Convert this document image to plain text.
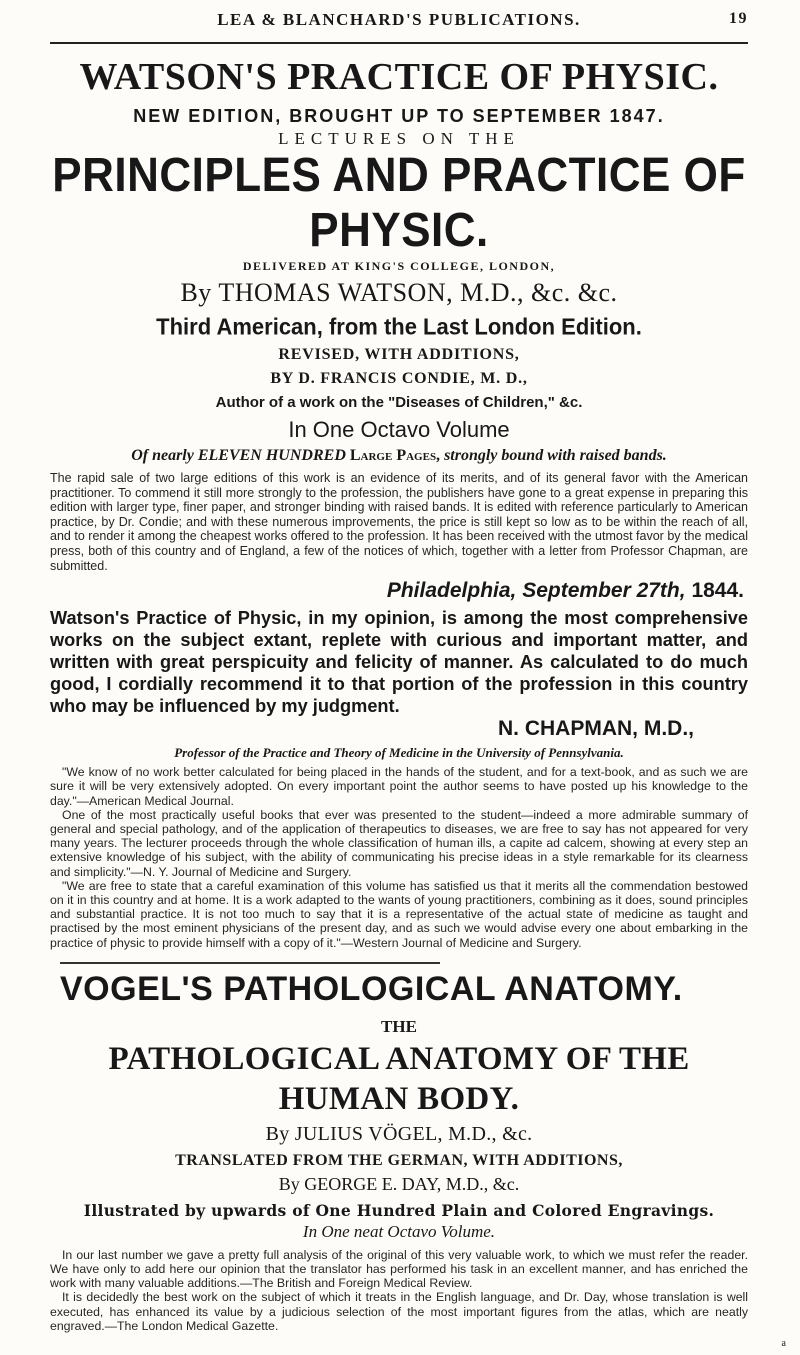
LEA & BLANCHARD'S PUBLICATIONS.	19
WATSON'S PRACTICE OF PHYSIC.
NEW EDITION, BROUGHT UP TO SEPTEMBER 1847.
LECTURES ON THE
PRINCIPLES AND PRACTICE OF PHYSIC.
DELIVERED AT KING'S COLLEGE, LONDON,
By THOMAS WATSON, M.D., &c. &c.
Third American, from the Last London Edition.
REVISED, WITH ADDITIONS,
BY D. FRANCIS CONDIE, M. D.,
Author of a work on the "Diseases of Children," &c.
In One Octavo Volume
Of nearly ELEVEN HUNDRED Large Pages, strongly bound with raised bands.

The rapid sale of two large editions of this work is an evidence of its merits, and of its general favor with the American practitioner. To commend it still more strongly to the profession, the publishers have gone to a great expense in preparing this edition with larger type, finer paper, and stronger binding with raised bands. It is edited with reference particularly to American practice, by Dr. Condie; and with these numerous improvements, the price is still kept so low as to be within the reach of all, and to render it among the cheapest works offered to the profession. It has been received with the utmost favor by the medical press, both of this country and of England, a few of the notices of which, together with a letter from Professor Chapman, are submitted.

Philadelphia, September 27th, 1844.

Watson's Practice of Physic, in my opinion, is among the most comprehensive works on the subject extant, replete with curious and important matter, and written with great perspicuity and felicity of manner. As calculated to do much good, I cordially recommend it to that portion of the profession in this country who may be influenced by my judgment.

N. CHAPMAN, M.D.,
Professor of the Practice and Theory of Medicine in the University of Pennsylvania.

"We know of no work better calculated for being placed in the hands of the student, and for a text-book, and as such we are sure it will be very extensively adopted. On every important point the author seems to have posted up his knowledge to the day."—American Medical Journal.

One of the most practically useful books that ever was presented to the student—indeed a more admirable summary of general and special pathology, and of the application of therapeutics to diseases, we are free to say has not appeared for very many years. The lecturer proceeds through the whole classification of human ills, a capite ad calcem, showing at every step an extensive knowledge of his subject, with the ability of communicating his precise ideas in a style remarkable for its clearness and simplicity."—N. Y. Journal of Medicine and Surgery.

"We are free to state that a careful examination of this volume has satisfied us that it merits all the commendation bestowed on it in this country and at home. It is a work adapted to the wants of young practitioners, combining as it does, sound principles and substantial practice. It is not too much to say that it is a representative of the actual state of medicine as taught and practised by the most eminent physicians of the present day, and as such we would advise every one about embarking in the practice of physic to provide himself with a copy of it."—Western Journal of Medicine and Surgery.

VOGEL'S PATHOLOGICAL ANATOMY.
THE
PATHOLOGICAL ANATOMY OF THE HUMAN BODY.
By JULIUS VÖGEL, M.D., &c.
TRANSLATED FROM THE GERMAN, WITH ADDITIONS,
By GEORGE E. DAY, M.D., &c.
Illustrated by upwards of One Hundred Plain and Colored Engravings.
In One neat Octavo Volume.

In our last number we gave a pretty full analysis of the original of this very valuable work, to which we must refer the reader. We have only to add here our opinion that the translator has performed his task in an excellent manner, and has enriched the work with many valuable additions.—The British and Foreign Medical Review.

It is decidedly the best work on the subject of which it treats in the English language, and Dr. Day, whose translation is well executed, has enhanced its value by a judicious selection of the most important figures from the atlas, which are neatly engraved.—The London Medical Gazette.

a
